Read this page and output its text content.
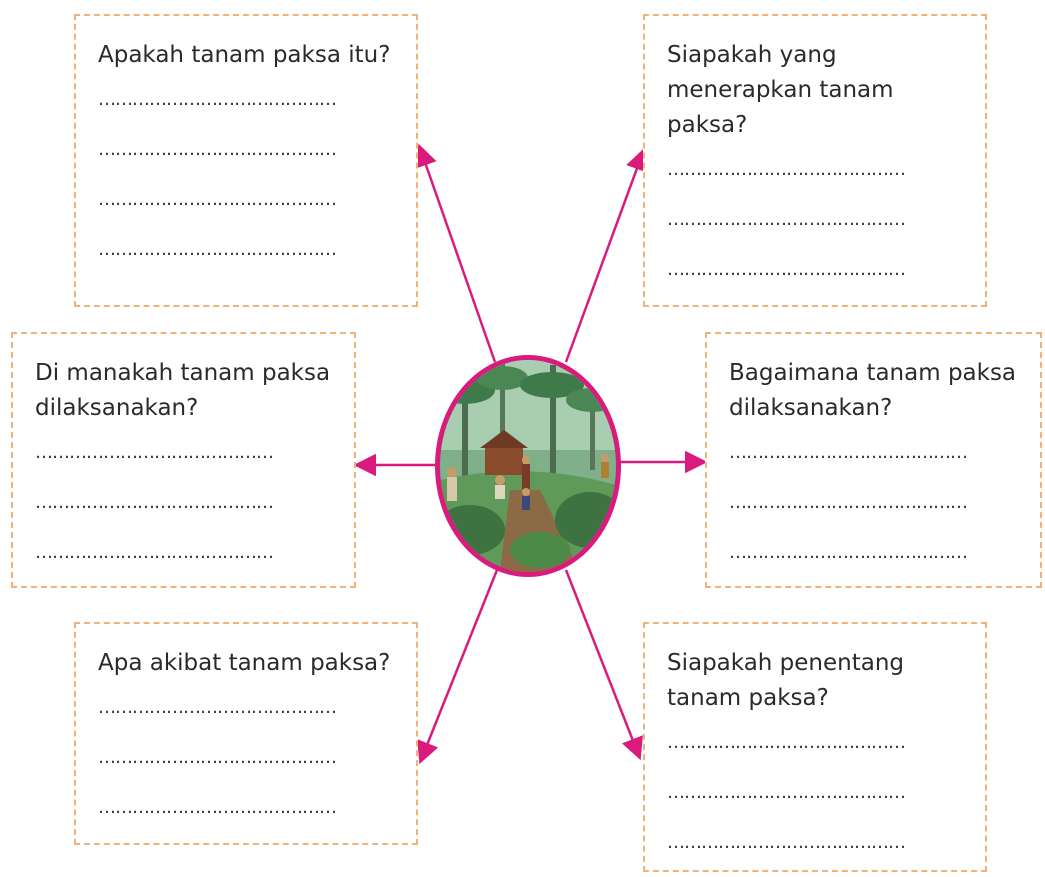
Apakah tanam paksa itu?
……………………………………
……………………………………
……………………………………
……………………………………
Siapakah yang
menerapkan tanam
paksa?
……………………………………
……………………………………
……………………………………
Di manakah tanam paksa
dilaksanakan?
……………………………………
……………………………………
……………………………………
Bagaimana tanam paksa
dilaksanakan?
……………………………………
……………………………………
……………………………………
Apa akibat tanam paksa?
……………………………………
……………………………………
……………………………………
Siapakah penentang
tanam paksa?
……………………………………
……………………………………
……………………………………
